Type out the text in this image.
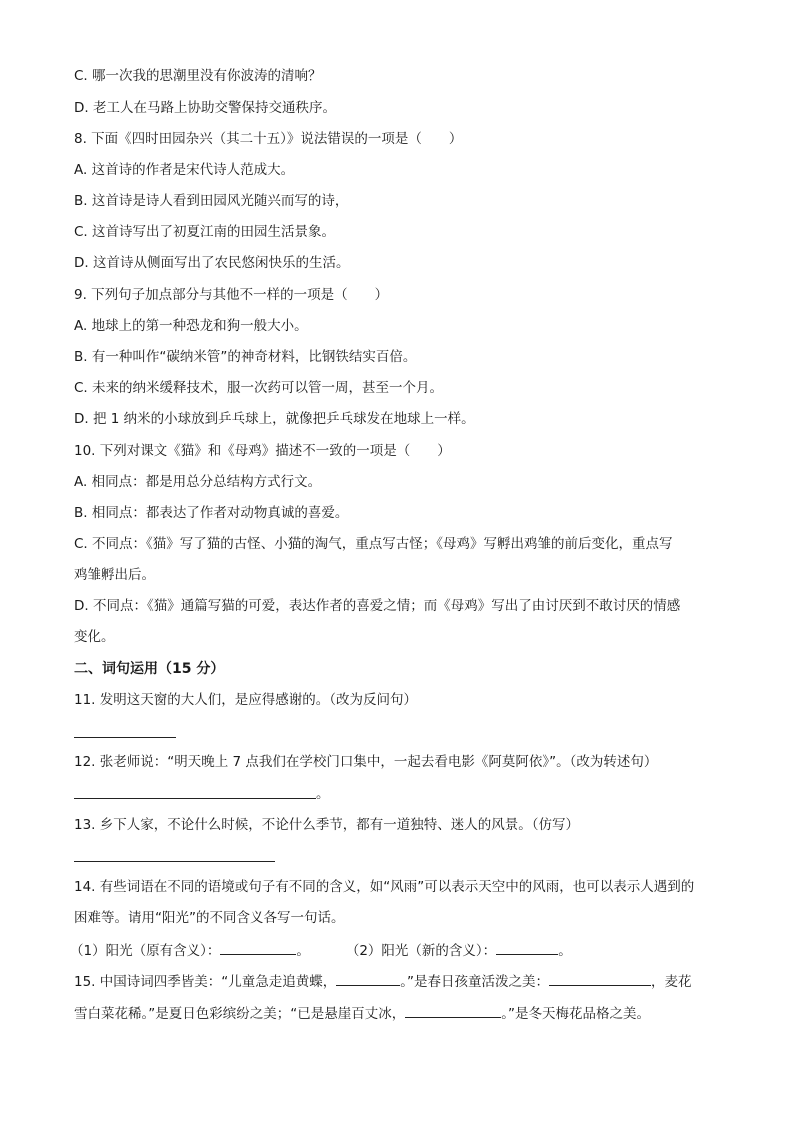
C. 哪一次我的思潮里没有你波涛的清响？
D. 老工人在马路上协助交警保持交通秩序。
8. 下面《四时田园杂兴（其二十五）》说法错误的一项是（　　）
A. 这首诗的作者是宋代诗人范成大。
B. 这首诗是诗人看到田园风光随兴而写的诗，
C. 这首诗写出了初夏江南的田园生活景象。
D. 这首诗从侧面写出了农民悠闲快乐的生活。
9. 下列句子加点部分与其他不一样的一项是（　　）
A. 地球上的第一种恐龙和狗一般大小。
B. 有一种叫作“碳纳米管”的神奇材料，比钢铁结实百倍。
C. 未来的纳米缓释技术，服一次药可以管一周，甚至一个月。
D. 把 1 纳米的小球放到乒乓球上，就像把乒乓球发在地球上一样。
10. 下列对课文《猫》和《母鸡》描述不一致的一项是（　　）
A. 相同点：都是用总分总结构方式行文。
B. 相同点：都表达了作者对动物真诚的喜爱。
C. 不同点：《猫》写了猫的古怪、小猫的淘气，重点写古怪；《母鸡》写孵出鸡雏的前后变化，重点写
鸡雏孵出后。
D. 不同点：《猫》通篇写猫的可爱，表达作者的喜爱之情；而《母鸡》写出了由讨厌到不敢讨厌的情感
变化。
二、词句运用（15 分）
11. 发明这天窗的大人们，是应得感谢的。（改为反问句）
12. 张老师说：“明天晚上 7 点我们在学校门口集中，一起去看电影《阿莫阿依》”。（改为转述句）
。
13. 乡下人家，不论什么时候，不论什么季节，都有一道独特、迷人的风景。（仿写）
14. 有些词语在不同的语境或句子有不同的含义，如“风雨”可以表示天空中的风雨，也可以表示人遇到的
困难等。请用“阳光”的不同含义各写一句话。
（1）阳光（原有含义）：	。	（2）阳光（新的含义）：	。
15. 中国诗词四季皆美：“儿童急走追黄蝶，	。”是春日孩童活泼之美：	，麦花
雪白菜花稀。”是夏日色彩缤纷之美；“已是悬崖百丈冰，	。”是冬天梅花品格之美。
